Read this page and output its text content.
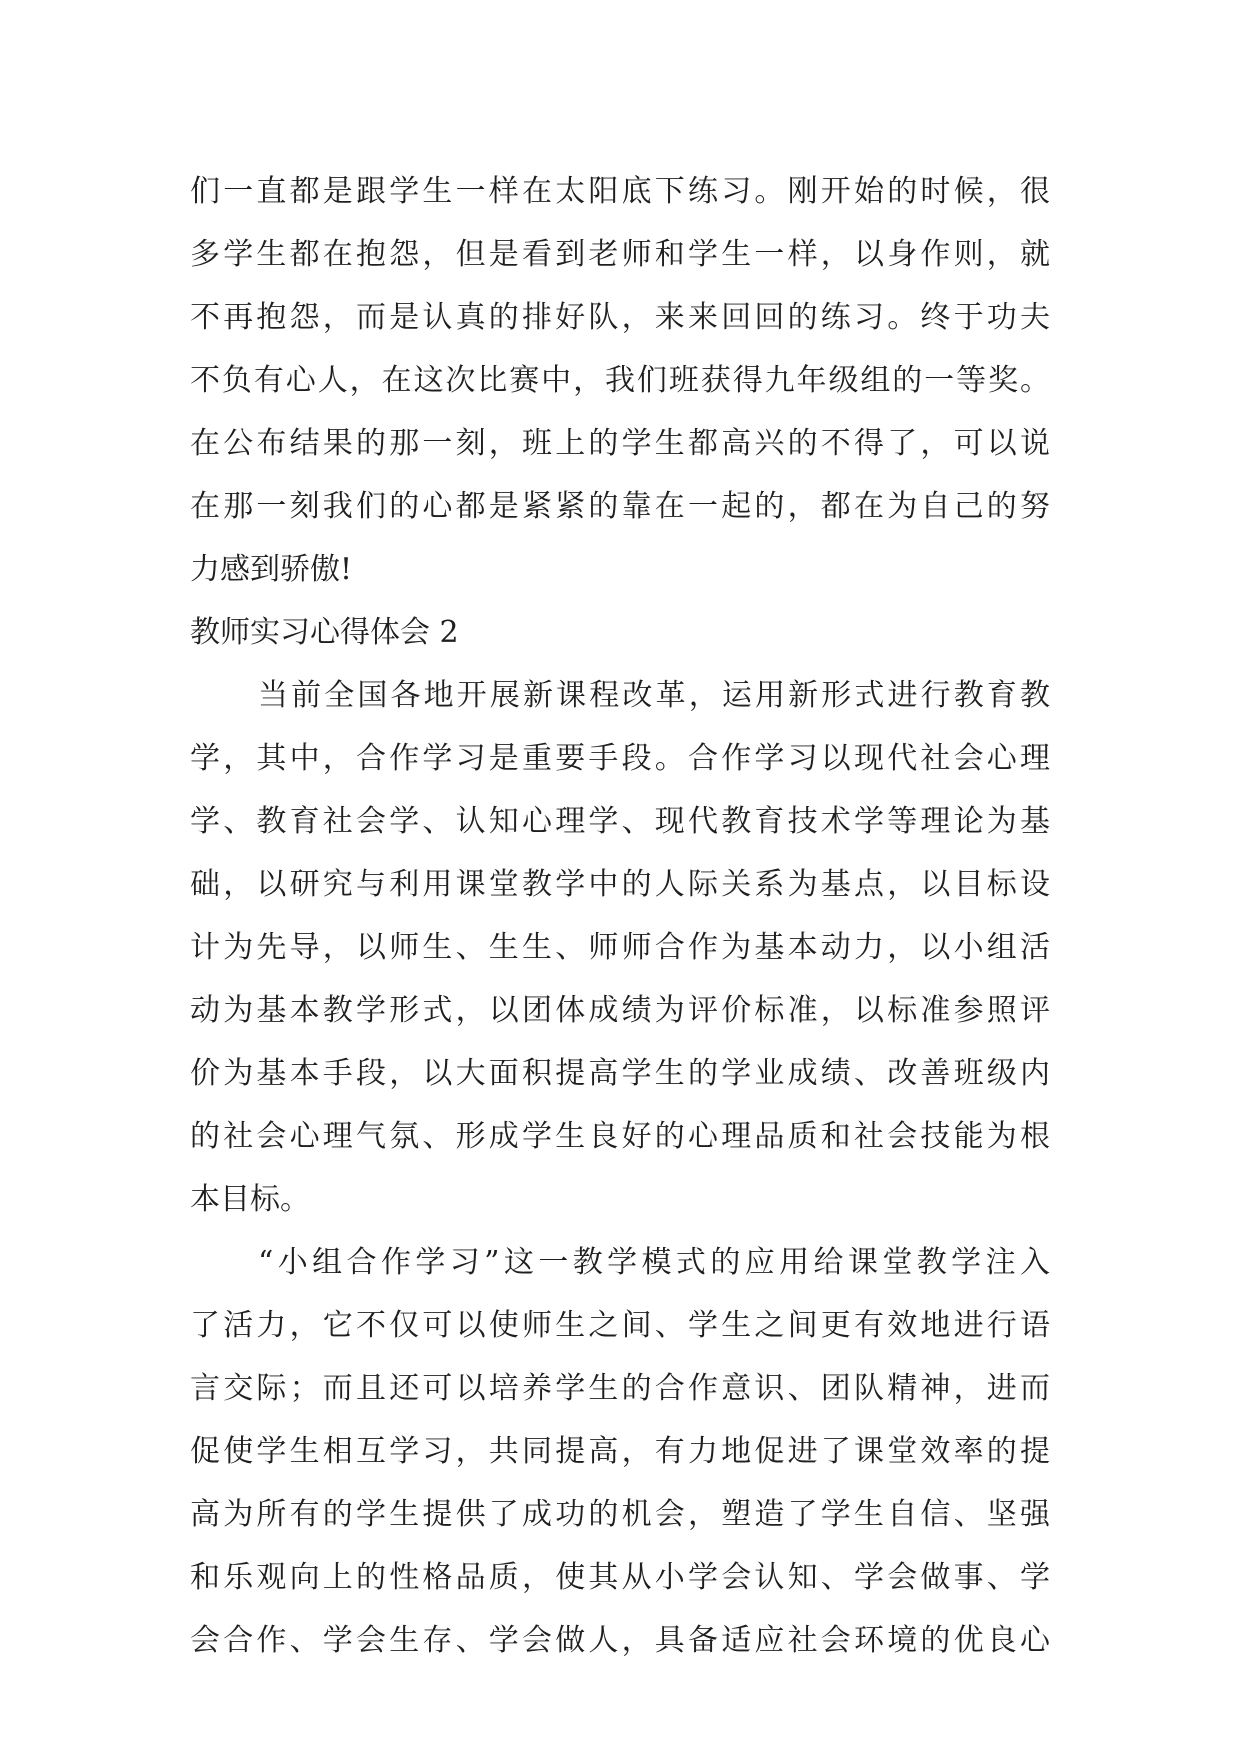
们一直都是跟学生一样在太阳底下练习。刚开始的时候，很
多学生都在抱怨，但是看到老师和学生一样，以身作则，就
不再抱怨，而是认真的排好队，来来回回的练习。终于功夫
不负有心人，在这次比赛中，我们班获得九年级组的一等奖。
在公布结果的那一刻，班上的学生都高兴的不得了，可以说
在那一刻我们的心都是紧紧的靠在一起的，都在为自己的努
力感到骄傲!
教师实习心得体会 2
当前全国各地开展新课程改革，运用新形式进行教育教
学，其中，合作学习是重要手段。合作学习以现代社会心理
学、教育社会学、认知心理学、现代教育技术学等理论为基
础，以研究与利用课堂教学中的人际关系为基点，以目标设
计为先导，以师生、生生、师师合作为基本动力，以小组活
动为基本教学形式，以团体成绩为评价标准，以标准参照评
价为基本手段，以大面积提高学生的学业成绩、改善班级内
的社会心理气氛、形成学生良好的心理品质和社会技能为根
本目标。
“小组合作学习”这一教学模式的应用给课堂教学注入
了活力，它不仅可以使师生之间、学生之间更有效地进行语
言交际；而且还可以培养学生的合作意识、团队精神，进而
促使学生相互学习，共同提高，有力地促进了课堂效率的提
高为所有的学生提供了成功的机会，塑造了学生自信、坚强
和乐观向上的性格品质，使其从小学会认知、学会做事、学
会合作、学会生存、学会做人，具备适应社会环境的优良心
